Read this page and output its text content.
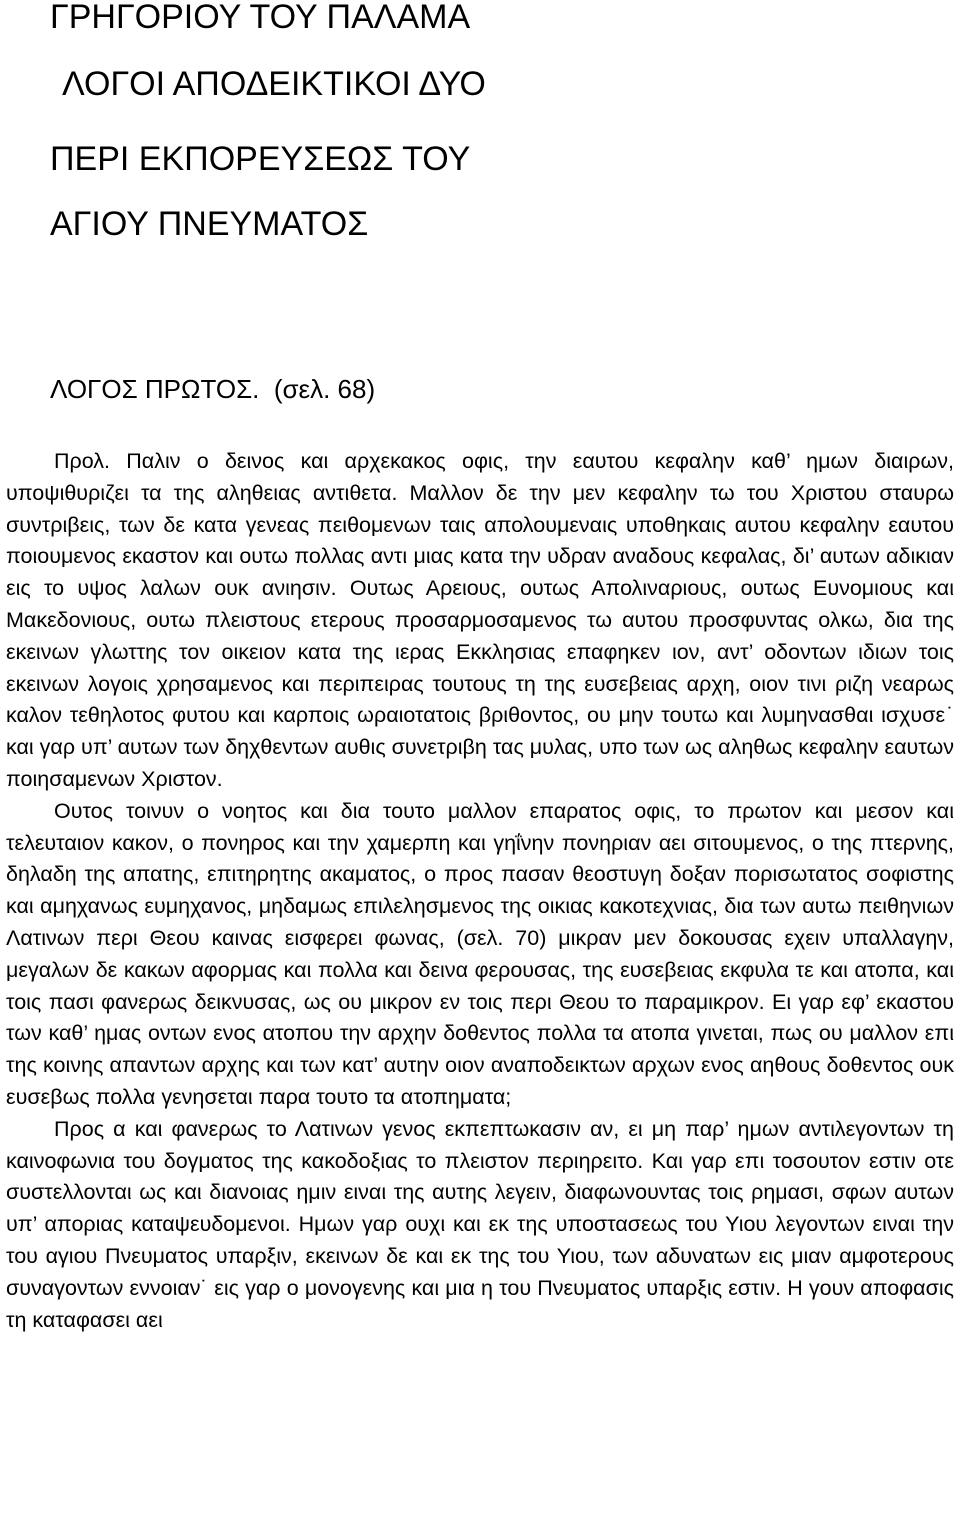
ΓΡΗΓΟΡΙΟΥ ΤΟΥ ΠΑΛΑΜΑ
ΛΟΓΟΙ ΑΠΟΔΕΙΚΤΙΚΟΙ ΔΥΟ
ΠΕΡΙ ΕΚΠΟΡΕΥΣΕΩΣ ΤΟΥ
ΑΓΙΟΥ ΠΝΕΥΜΑΤΟΣ
ΛΟΓΟΣ ΠΡΩΤΟΣ.  (σελ. 68)

Προλ. Παλιν ο δεινος και αρχεκακος οφις, την εαυτου κεφαλην καθ’ ημων διαιρων, υποψιθυριζει τα της αληθειας αντιθετα. Μαλλον δε την μεν κεφαλην τω του Χριστου σταυρω συντριβεις, των δε κατα γενεας πειθομενων ταις απολουμεναις υποθηκαις αυτου κεφαλην εαυτου ποιουμενος εκαστον και ουτω πολλας αντι μιας κατα την υδραν αναδους κεφαλας, δι’ αυτων αδικιαν εις το υψος λαλων ουκ ανιησιν. Ουτως Αρειους, ουτως Απολιναριους, ουτως Ευνομιους και Μακεδονιους, ουτω πλειστους ετερους προσαρμοσαμενος τω αυτου προσφυντας ολκω, δια της εκεινων γλωττης τον οικειον κατα της ιερας Εκκλησιας επαφηκεν ιον, αντ’ οδοντων ιδιων τοις εκεινων λογοις χρησαμενος και περιπειρας τουτους τη της ευσεβειας αρχη, οιον τινι ριζη νεαρως καλον τεθηλοτος φυτου και καρποις ωραιοτατοις βριθοντος, ου μην τουτω και λυμηνασθαι ισχυσε˙ και γαρ υπ’ αυτων των δηχθεντων αυθις συνετριβη τας μυλας, υπο των ως αληθως κεφαλην εαυτων ποιησαμενων Χριστον.

Ουτος τοινυν ο νοητος και δια τουτο μαλλον επαρατος οφις, το πρωτον και μεσον και τελευταιον κακον, ο πονηρος και την χαμερπη και γηΐνην πονηριαν αει σιτουμενος, ο της πτερνης, δηλαδη της απατης, επιτηρητης ακαματος, ο προς πασαν θεοστυγη δοξαν πορισωτατος σοφιστης και αμηχανως ευμηχανος, μηδαμως επιλελησμενος της οικιας κακοτεχνιας, δια των αυτω πειθηνιων Λατινων περι Θεου καινας εισφερει φωνας, (σελ. 70) μικραν μεν δοκουσας εχειν υπαλλαγην, μεγαλων δε κακων αφορμας και πολλα και δεινα φερουσας, της ευσεβειας εκφυλα τε και ατοπα, και τοις πασι φανερως δεικνυσας, ως ου μικρον εν τοις περι Θεου το παραμικρον. Ει γαρ εφ’ εκαστου των καθ’ ημας οντων ενος ατοπου την αρχην δοθεντος πολλα τα ατοπα γινεται, πως ου μαλλον επι της κοινης απαντων αρχης και των κατ’ αυτην οιον αναποδεικτων αρχων ενος αηθους δοθεντος ουκ ευσεβως πολλα γενησεται παρα τουτο τα ατοπηματα;

Προς α και φανερως το Λατινων γενος εκπεπτωκασιν αν, ει μη παρ’ ημων αντιλεγοντων τη καινοφωνια του δογματος της κακοδοξιας το πλειστον περιηρειτο. Και γαρ επι τοσουτον εστιν οτε συστελλονται ως και διανοιας ημιν ειναι της αυτης λεγειν, διαφωνουντας τοις ρημασι, σφων αυτων υπ’ αποριας καταψευδομενοι. Ημων γαρ ουχι και εκ της υποστασεως του Υιου λεγοντων ειναι την του αγιου Πνευματος υπαρξιν, εκεινων δε και εκ της του Υιου, των αδυνατων εις μιαν αμφοτερους συναγοντων εννοιαν˙ εις γαρ ο μονογενης και μια η του Πνευματος υπαρξις εστιν. Η γουν αποφασις τη καταφασει αει
